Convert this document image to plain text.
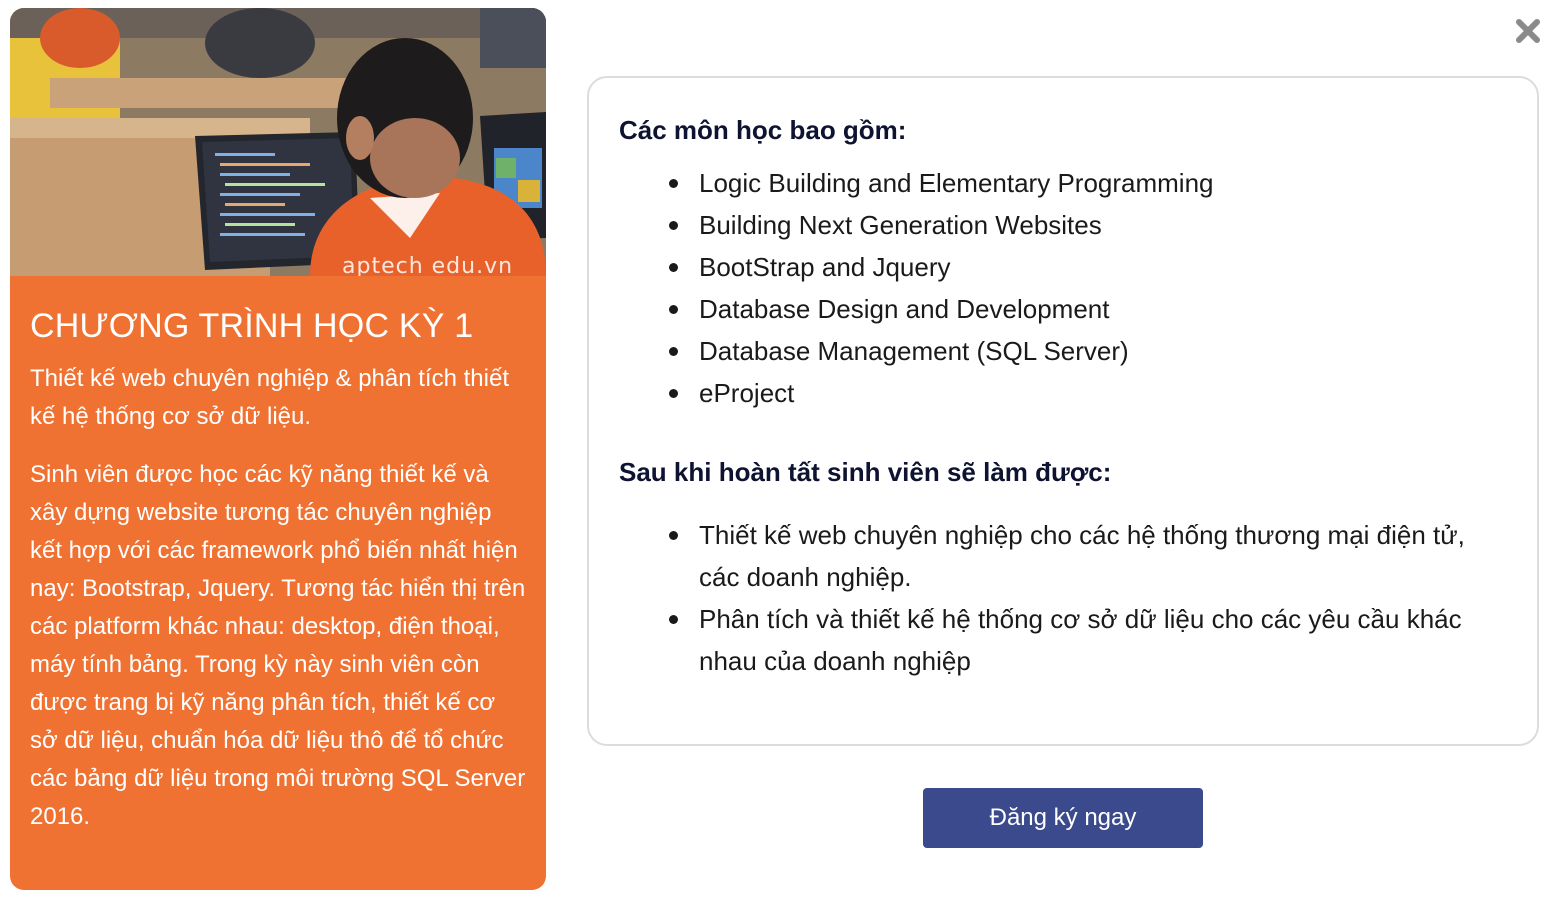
aptech edu.vn
CHƯƠNG TRÌNH HỌC KỲ 1

Thiết kế web chuyên nghiệp & phân tích thiết kế hệ thống cơ sở dữ liệu.

Sinh viên được học các kỹ năng thiết kế và xây dựng website tương tác chuyên nghiệp kết hợp với các framework phổ biến nhất hiện nay: Bootstrap, Jquery. Tương tác hiển thị trên các platform khác nhau: desktop, điện thoại, máy tính bảng. Trong kỳ này sinh viên còn được trang bị kỹ năng phân tích, thiết kế cơ sở dữ liệu, chuẩn hóa dữ liệu thô để tổ chức các bảng dữ liệu trong môi trường SQL Server 2016.

Các môn học bao gồm:
Logic Building and Elementary Programming
Building Next Generation Websites
BootStrap and Jquery
Database Design and Development
Database Management (SQL Server)
eProject
Sau khi hoàn tất sinh viên sẽ làm được:
Thiết kế web chuyên nghiệp cho các hệ thống thương mại điện tử, các doanh nghiệp.
Phân tích và thiết kế hệ thống cơ sở dữ liệu cho các yêu cầu khác nhau của doanh nghiệp
Đăng ký ngay
